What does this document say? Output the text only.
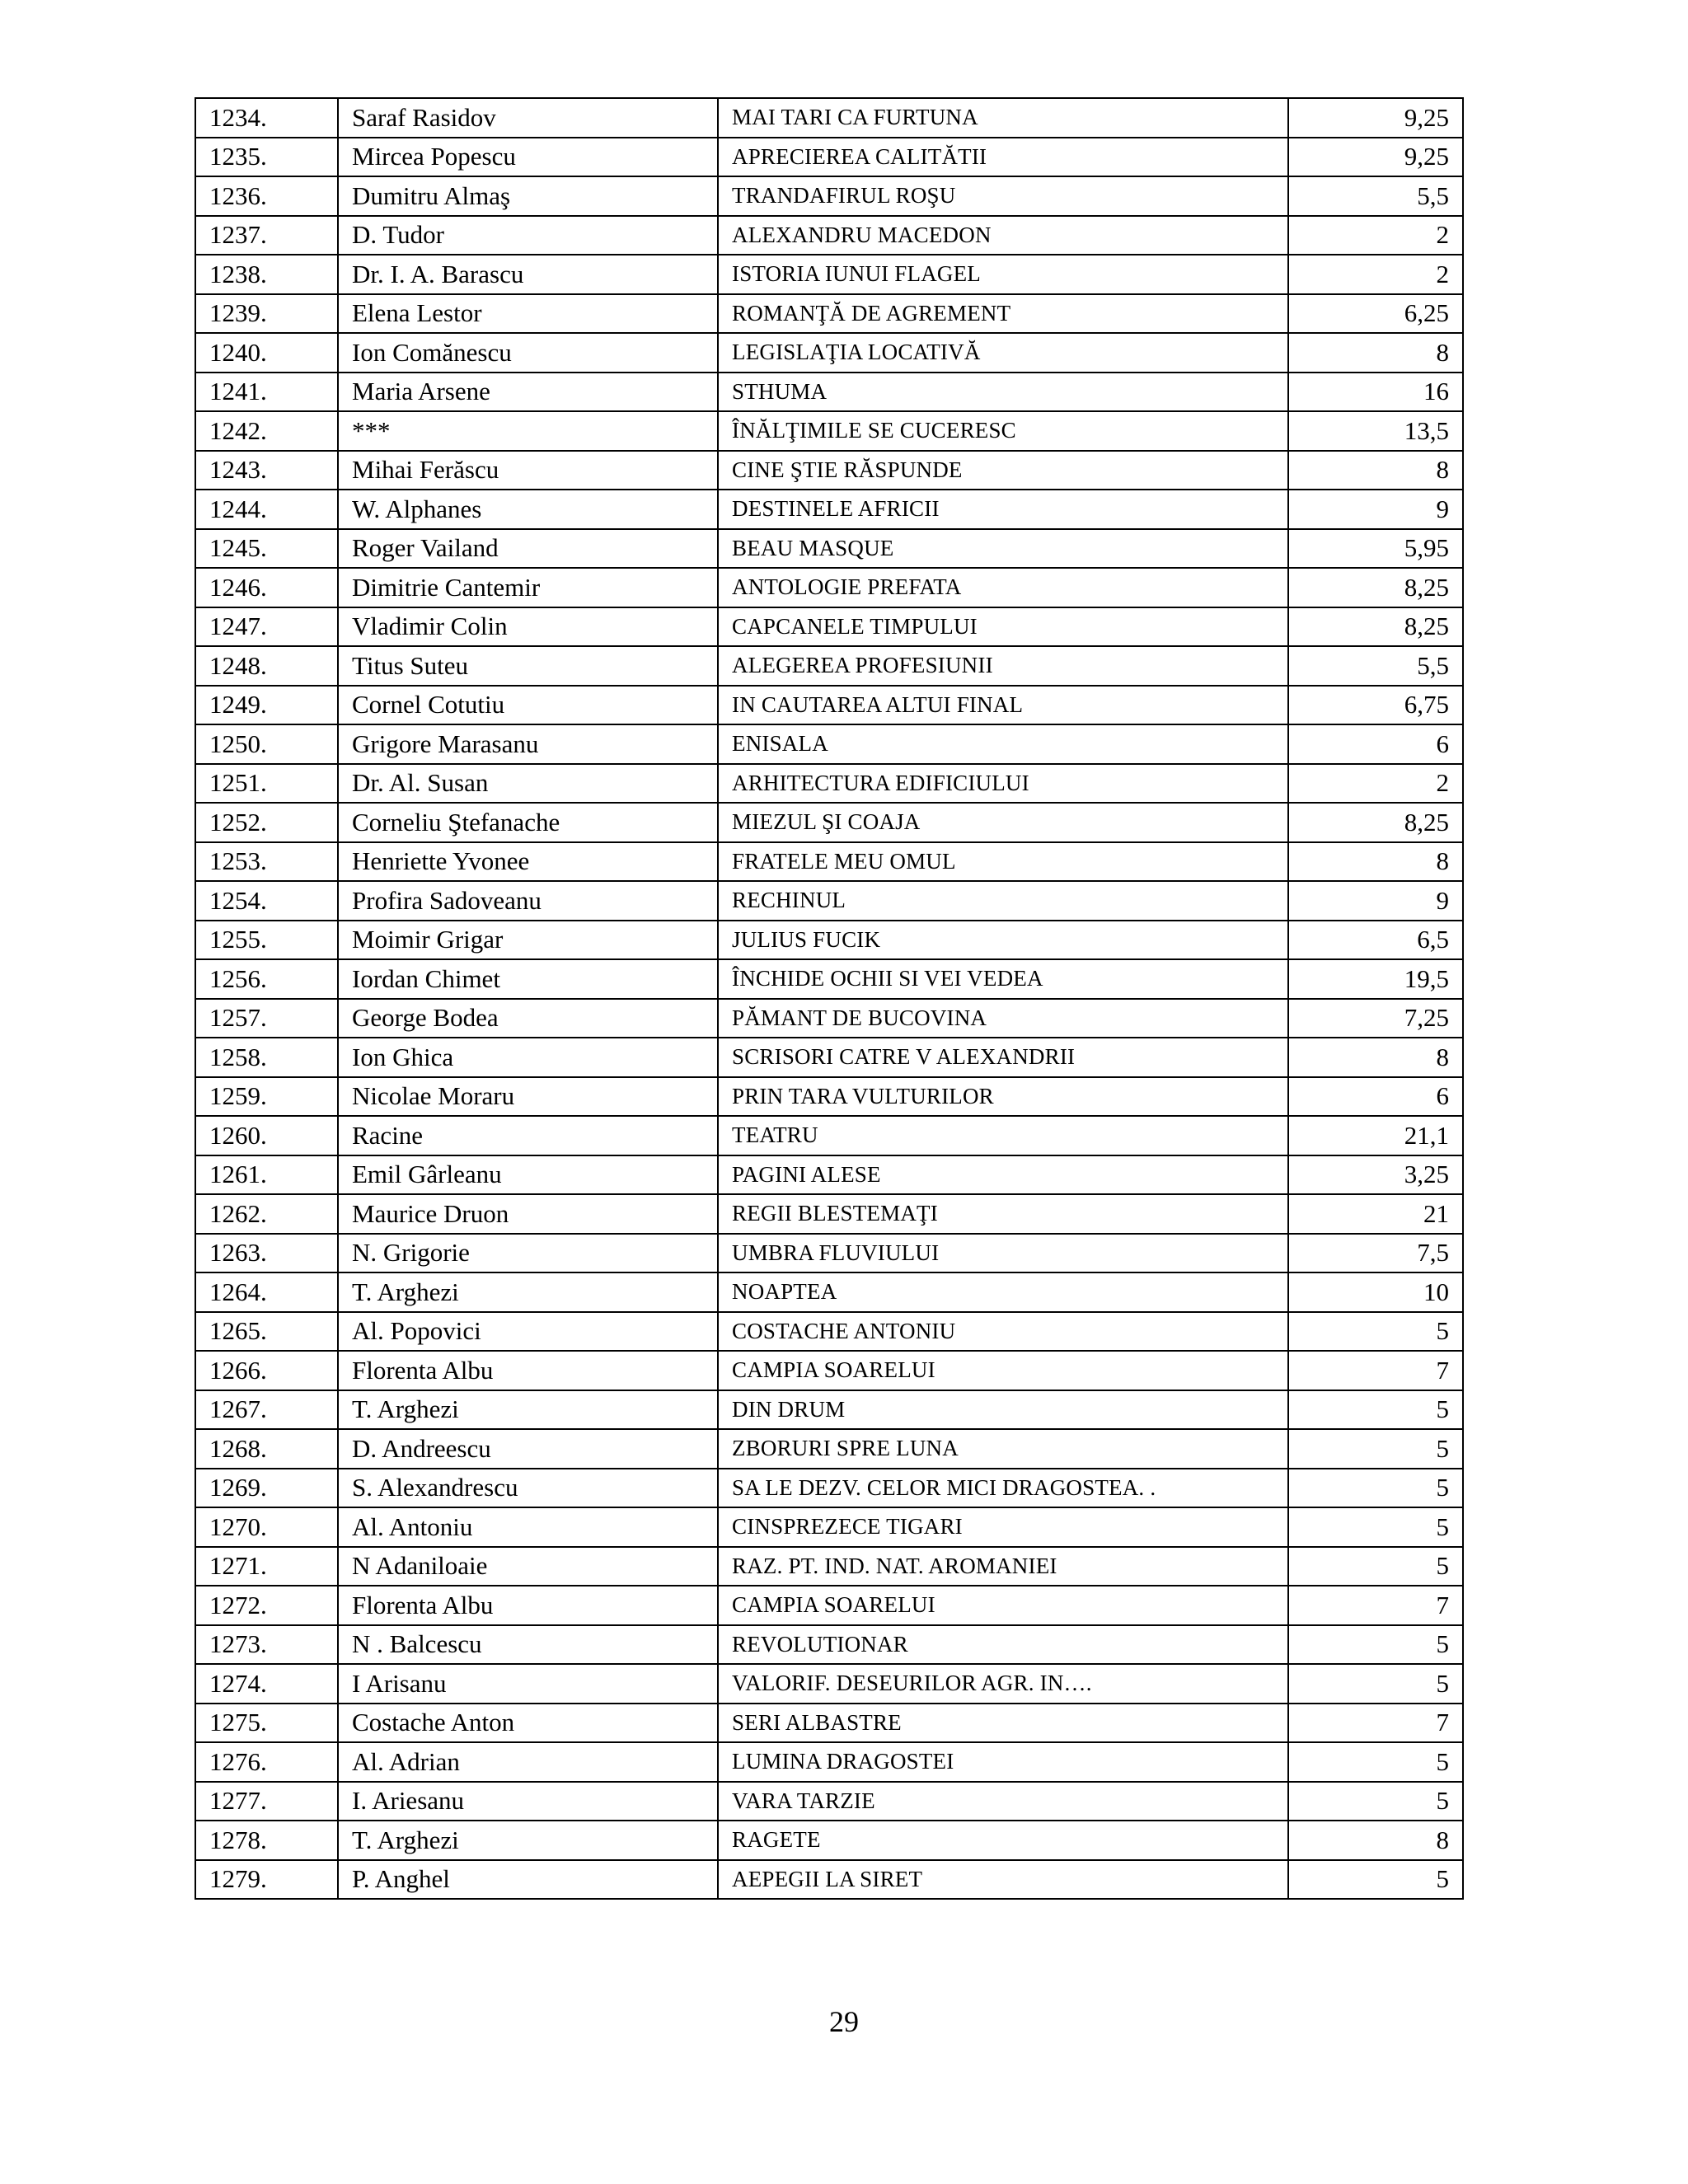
1234.	Saraf Rasidov	MAI TARI CA FURTUNA	9,25
1235.	Mircea Popescu	APRECIEREA CALITĂTII	9,25
1236.	Dumitru Almaş	TRANDAFIRUL ROŞU	5,5
1237.	D. Tudor	ALEXANDRU MACEDON	2
1238.	Dr. I. A. Barascu	ISTORIA IUNUI FLAGEL	2
1239.	Elena Lestor	ROMANŢĂ DE AGREMENT	6,25
1240.	Ion Comănescu	LEGISLAŢIA LOCATIVĂ	8
1241.	Maria Arsene	STHUMA	16
1242.	***	ÎNĂLŢIMILE SE CUCERESC	13,5
1243.	Mihai Ferăscu	CINE ŞTIE RĂSPUNDE	8
1244.	W. Alphanes	DESTINELE AFRICII	9
1245.	Roger Vailand	BEAU MASQUE	5,95
1246.	Dimitrie Cantemir	ANTOLOGIE PREFATA	8,25
1247.	Vladimir Colin	CAPCANELE TIMPULUI	8,25
1248.	Titus Suteu	ALEGEREA PROFESIUNII	5,5
1249.	Cornel Cotutiu	IN CAUTAREA ALTUI FINAL	6,75
1250.	Grigore Marasanu	ENISALA	6
1251.	Dr. Al. Susan	ARHITECTURA EDIFICIULUI	2
1252.	Corneliu Ştefanache	MIEZUL ŞI COAJA	8,25
1253.	Henriette Yvonee	FRATELE MEU OMUL	8
1254.	Profira Sadoveanu	RECHINUL	9
1255.	Moimir Grigar	JULIUS FUCIK	6,5
1256.	Iordan Chimet	ÎNCHIDE OCHII SI VEI VEDEA	19,5
1257.	George Bodea	PĂMANT DE BUCOVINA	7,25
1258.	Ion Ghica	SCRISORI CATRE V ALEXANDRII	8
1259.	Nicolae Moraru	PRIN TARA VULTURILOR	6
1260.	Racine	TEATRU	21,1
1261.	Emil Gârleanu	PAGINI ALESE	3,25
1262.	Maurice Druon	REGII BLESTEMAŢI	21
1263.	N. Grigorie	UMBRA FLUVIULUI	7,5
1264.	T. Arghezi	NOAPTEA	10
1265.	Al. Popovici	COSTACHE ANTONIU	5
1266.	Florenta Albu	CAMPIA SOARELUI	7
1267.	T. Arghezi	DIN DRUM	5
1268.	D. Andreescu	ZBORURI SPRE LUNA	5
1269.	S. Alexandrescu	SA LE DEZV. CELOR MICI DRAGOSTEA. .	5
1270.	Al. Antoniu	CINSPREZECE TIGARI	5
1271.	N Adaniloaie	RAZ. PT. IND. NAT. AROMANIEI	5
1272.	Florenta Albu	CAMPIA SOARELUI	7
1273.	N . Balcescu	REVOLUTIONAR	5
1274.	I Arisanu	VALORIF. DESEURILOR AGR. IN….	5
1275.	Costache Anton	SERI ALBASTRE	7
1276.	Al. Adrian	LUMINA DRAGOSTEI	5
1277.	I. Ariesanu	VARA TARZIE	5
1278.	T. Arghezi	RAGETE	8
1279.	P. Anghel	AEPEGII LA SIRET	5
29
